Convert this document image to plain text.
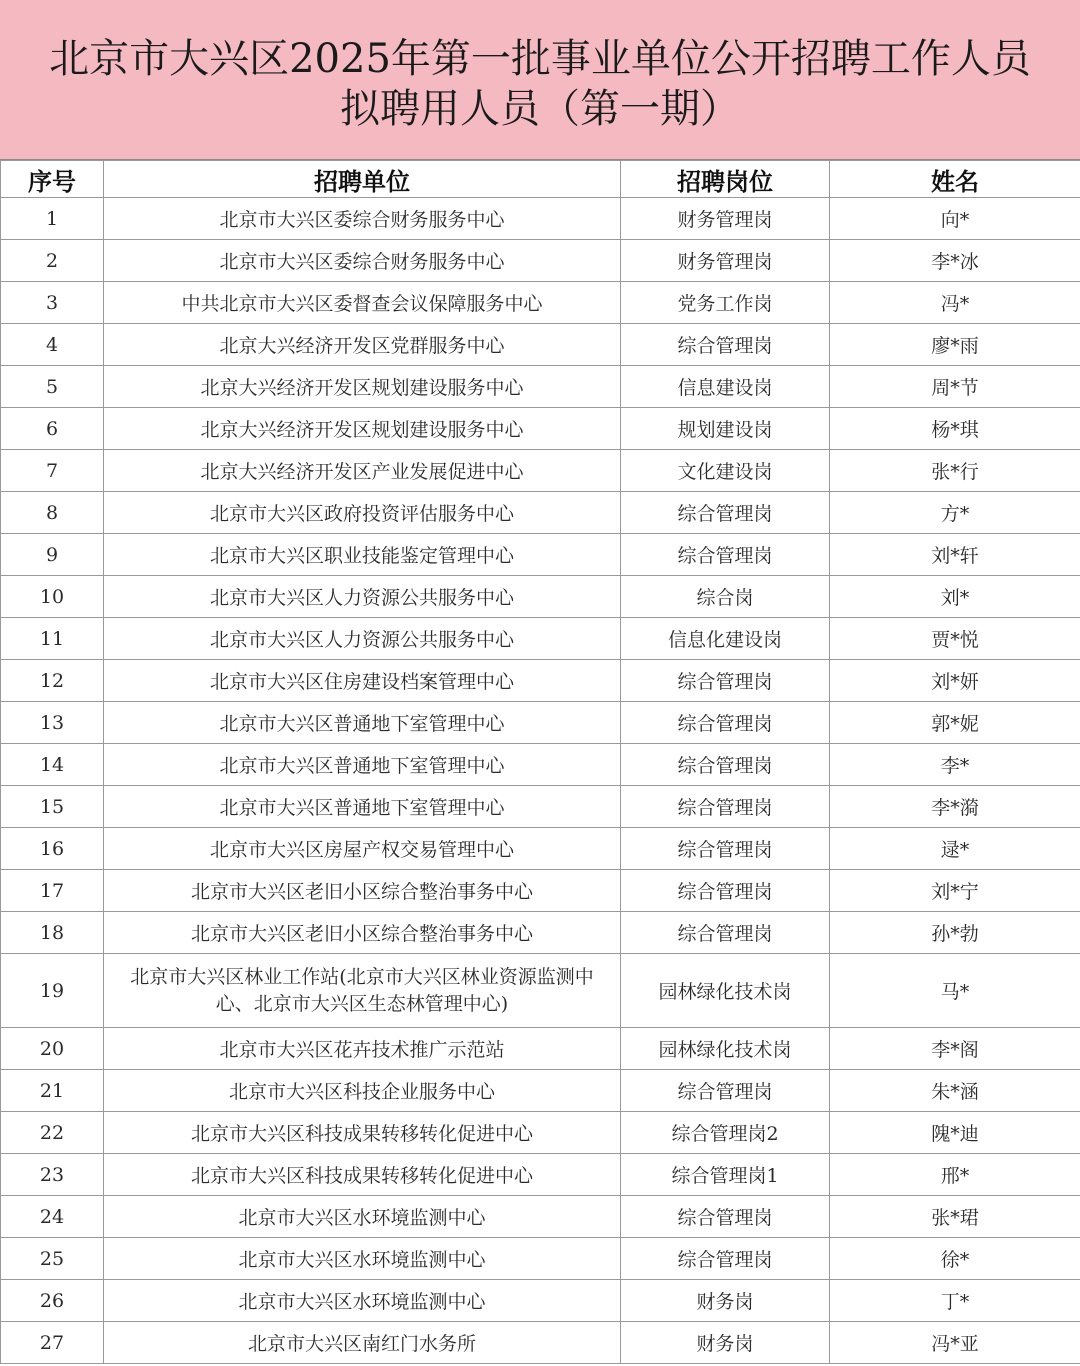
北京市大兴区2025年第一批事业单位公开招聘工作人员
拟聘用人员（第一期）
序号	招聘单位	招聘岗位	姓名
1	北京市大兴区委综合财务服务中心	财务管理岗	向*
2	北京市大兴区委综合财务服务中心	财务管理岗	李*冰
3	中共北京市大兴区委督查会议保障服务中心	党务工作岗	冯*
4	北京大兴经济开发区党群服务中心	综合管理岗	廖*雨
5	北京大兴经济开发区规划建设服务中心	信息建设岗	周*节
6	北京大兴经济开发区规划建设服务中心	规划建设岗	杨*琪
7	北京大兴经济开发区产业发展促进中心	文化建设岗	张*行
8	北京市大兴区政府投资评估服务中心	综合管理岗	方*
9	北京市大兴区职业技能鉴定管理中心	综合管理岗	刘*轩
10	北京市大兴区人力资源公共服务中心	综合岗	刘*
11	北京市大兴区人力资源公共服务中心	信息化建设岗	贾*悦
12	北京市大兴区住房建设档案管理中心	综合管理岗	刘*妍
13	北京市大兴区普通地下室管理中心	综合管理岗	郭*妮
14	北京市大兴区普通地下室管理中心	综合管理岗	李*
15	北京市大兴区普通地下室管理中心	综合管理岗	李*漪
16	北京市大兴区房屋产权交易管理中心	综合管理岗	逯*
17	北京市大兴区老旧小区综合整治事务中心	综合管理岗	刘*宁
18	北京市大兴区老旧小区综合整治事务中心	综合管理岗	孙*勃
19	北京市大兴区林业工作站(北京市大兴区林业资源监测中心、北京市大兴区生态林管理中心)	园林绿化技术岗	马*
20	北京市大兴区花卉技术推广示范站	园林绿化技术岗	李*阁
21	北京市大兴区科技企业服务中心	综合管理岗	朱*涵
22	北京市大兴区科技成果转移转化促进中心	综合管理岗2	隗*迪
23	北京市大兴区科技成果转移转化促进中心	综合管理岗1	邢*
24	北京市大兴区水环境监测中心	综合管理岗	张*珺
25	北京市大兴区水环境监测中心	综合管理岗	徐*
26	北京市大兴区水环境监测中心	财务岗	丁*
27	北京市大兴区南红门水务所	财务岗	冯*亚
